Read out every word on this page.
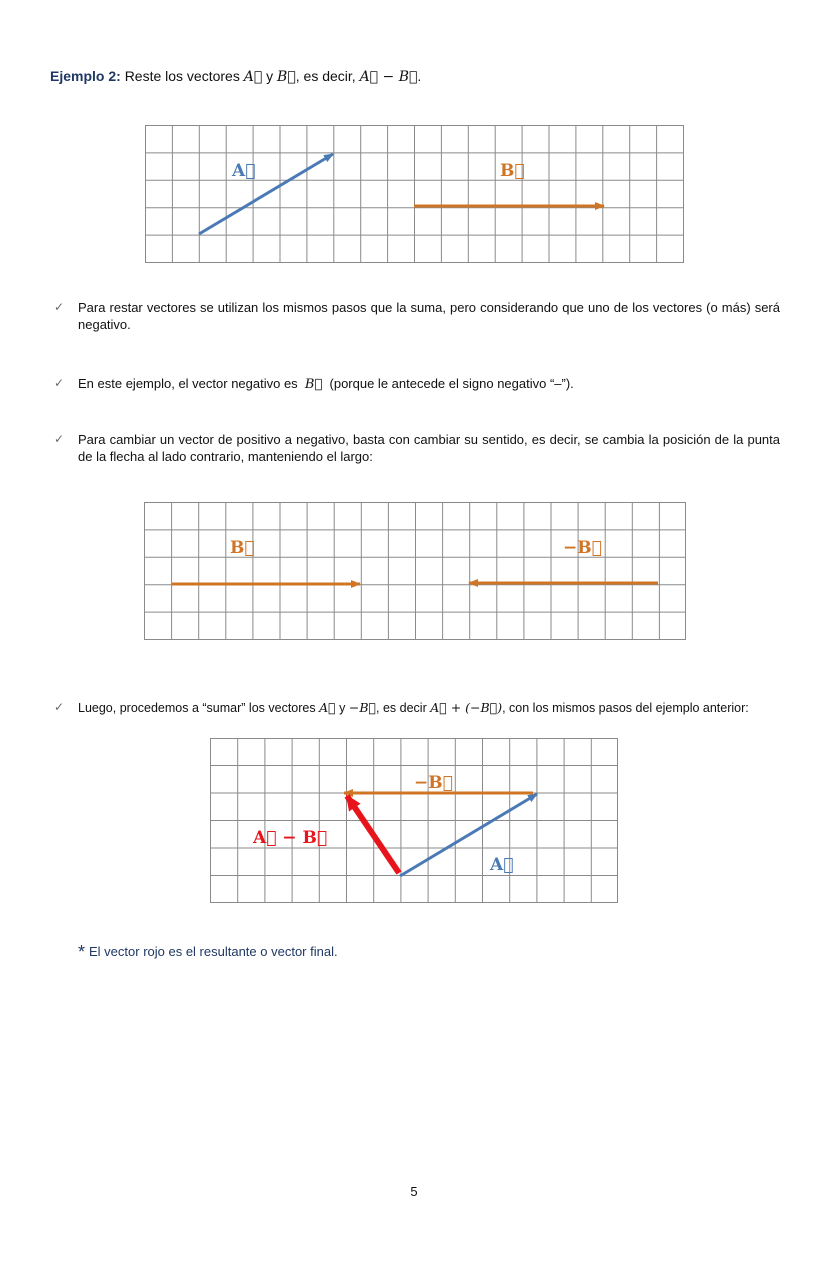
Ejemplo 2: Reste los vectores A⃗ y B⃗, es decir, A⃗ − B⃗.
A⃗	B⃗
B⃗	−B⃗
−B⃗
A⃗
A⃗ − B⃗
✓	Para restar vectores se utilizan los mismos pasos que la suma, pero considerando que uno de los vectores (o más) será negativo.
✓	En este ejemplo, el vector negativo es B⃗ (porque le antecede el signo negativo “–”).
✓	Para cambiar un vector de positivo a negativo, basta con cambiar su sentido, es decir, se cambia la posición de la punta de la flecha al lado contrario, manteniendo el largo:
✓	Luego, procedemos a “sumar” los vectores A⃗ y −B⃗, es decir A⃗ + (−B⃗), con los mismos pasos del ejemplo anterior:
* El vector rojo es el resultante o vector final.
5
